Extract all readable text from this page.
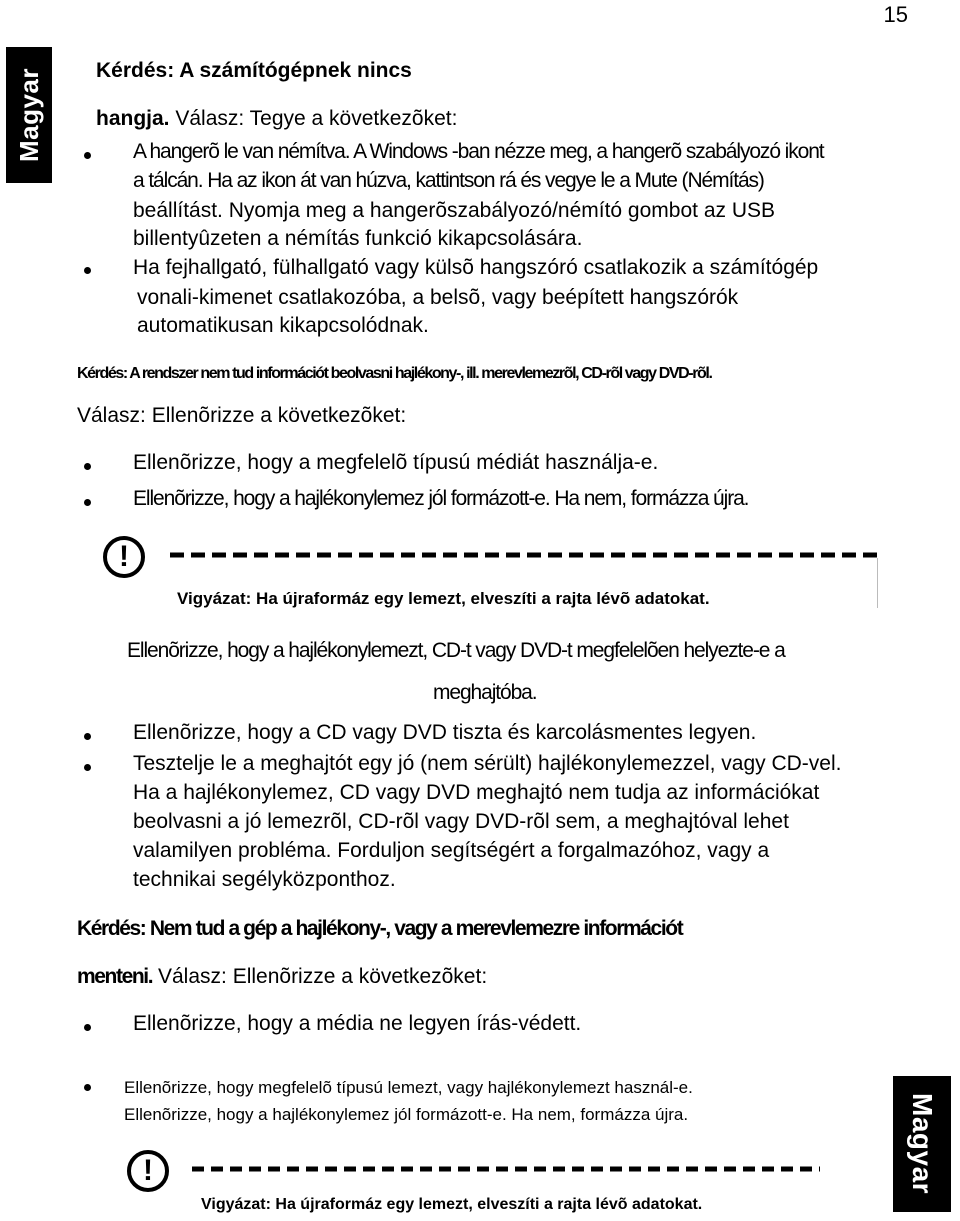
15
Magyar
Magyar
Kérdés: A számítógépnek nincs
hangja. Válasz: Tegye a következõket:
A hangerõ le van némítva. A Windows -ban nézze meg, a hangerõ szabályozó ikont
a tálcán. Ha az ikon át van húzva, kattintson rá és vegye le a Mute (Némítás)
beállítást. Nyomja meg a hangerõszabályozó/némító gombot az USB
billentyûzeten a némítás funkció kikapcsolására.
Ha fejhallgató, fülhallgató vagy külsõ hangszóró csatlakozik a számítógép
vonali-kimenet csatlakozóba, a belsõ, vagy beépített hangszórók
automatikusan kikapcsolódnak.
Kérdés: A rendszer nem tud információt beolvasni hajlékony-, ill. merevlemezrõl, CD-rõl vagy DVD-rõl.
Válasz: Ellenõrizze a következõket:
Ellenõrizze, hogy a megfelelõ típusú médiát használja-e.
Ellenõrizze, hogy a hajlékonylemez jól formázott-e. Ha nem, formázza újra.
!
Vigyázat: Ha újraformáz egy lemezt, elveszíti a rajta lévõ adatokat.
Ellenõrizze, hogy a hajlékonylemezt, CD-t vagy DVD-t megfelelõen helyezte-e a
meghajtóba.
Ellenõrizze, hogy a CD vagy DVD tiszta és karcolásmentes legyen.
Tesztelje le a meghajtót egy jó (nem sérült) hajlékonylemezzel, vagy CD-vel.
Ha a hajlékonylemez, CD vagy DVD meghajtó nem tudja az információkat
beolvasni a jó lemezrõl, CD-rõl vagy DVD-rõl sem, a meghajtóval lehet
valamilyen probléma. Forduljon segítségért a forgalmazóhoz, vagy a
technikai segélyközponthoz.
Kérdés: Nem tud a gép a hajlékony-, vagy a merevlemezre információt
menteni. Válasz: Ellenõrizze a következõket:
Ellenõrizze, hogy a média ne legyen írás-védett.
Ellenõrizze, hogy megfelelõ típusú lemezt, vagy hajlékonylemezt használ-e.
Ellenõrizze, hogy a hajlékonylemez jól formázott-e. Ha nem, formázza újra.
!
Vigyázat: Ha újraformáz egy lemezt, elveszíti a rajta lévõ adatokat.
